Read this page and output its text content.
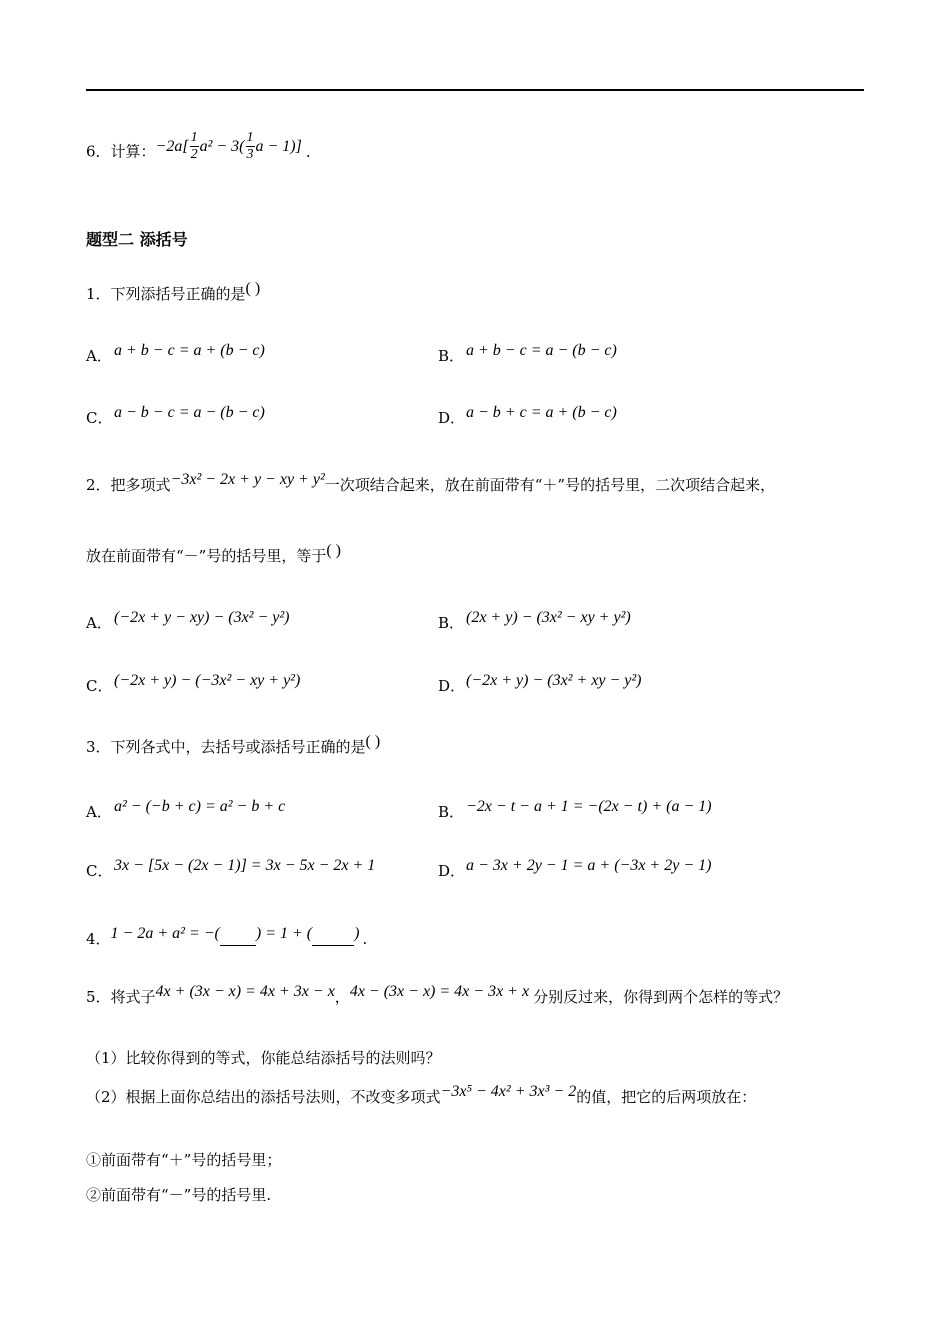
6．计算：$-2a[ \frac{1}{2} a^2 - 3( \frac{1}{3}$ a − 1)] .
题型二 添括号
1．下列添括号正确的是( )
A． a + b − c = a + (b − c)	B． a + b − c = a − (b − c)
C．a − b − c = a − (b − c)	D．a − b + c = a + (b − c)
2．把多项式−3x² − 2x + y − xy + y²一次项结合起来，放在前面带有“＋”号的括号里，二次项结合起来，
放在前面带有“－”号的括号里，等于( )
A． (−2x + y − xy) − (3x² − y²)	B． (2x + y) − (3x² − xy + y²)
C．(−2x + y) − (−3x² − xy + y²)	D．(−2x + y) − (3x² + xy − y²)
3．下列各式中，去括号或添括号正确的是( )
A． a² − (−b + c) = a² − b + c	B． −2x − t − a + 1 = −(2x − t) + (a − 1)
C．3x − [5x − (2x − 1)] = 3x − 5x − 2x + 1	D．a − 3x + 2y − 1 = a + (−3x + 2y − 1)
4．1 − 2a + a² = −( ) = 1 + (	) .
5．将式子4x + (3x − x) = 4x + 3x − x，4x − (3x − x) = 4x − 3x + x 分别反过来，你得到两个怎样的等式？
（1）比较你得到的等式，你能总结添括号的法则吗？
（2）根据上面你总结出的添括号法则，不改变多项式−3x⁵ − 4x² + 3x³ − 2的值，把它的后两项放在：
①前面带有“＋”号的括号里；
②前面带有“－”号的括号里.
